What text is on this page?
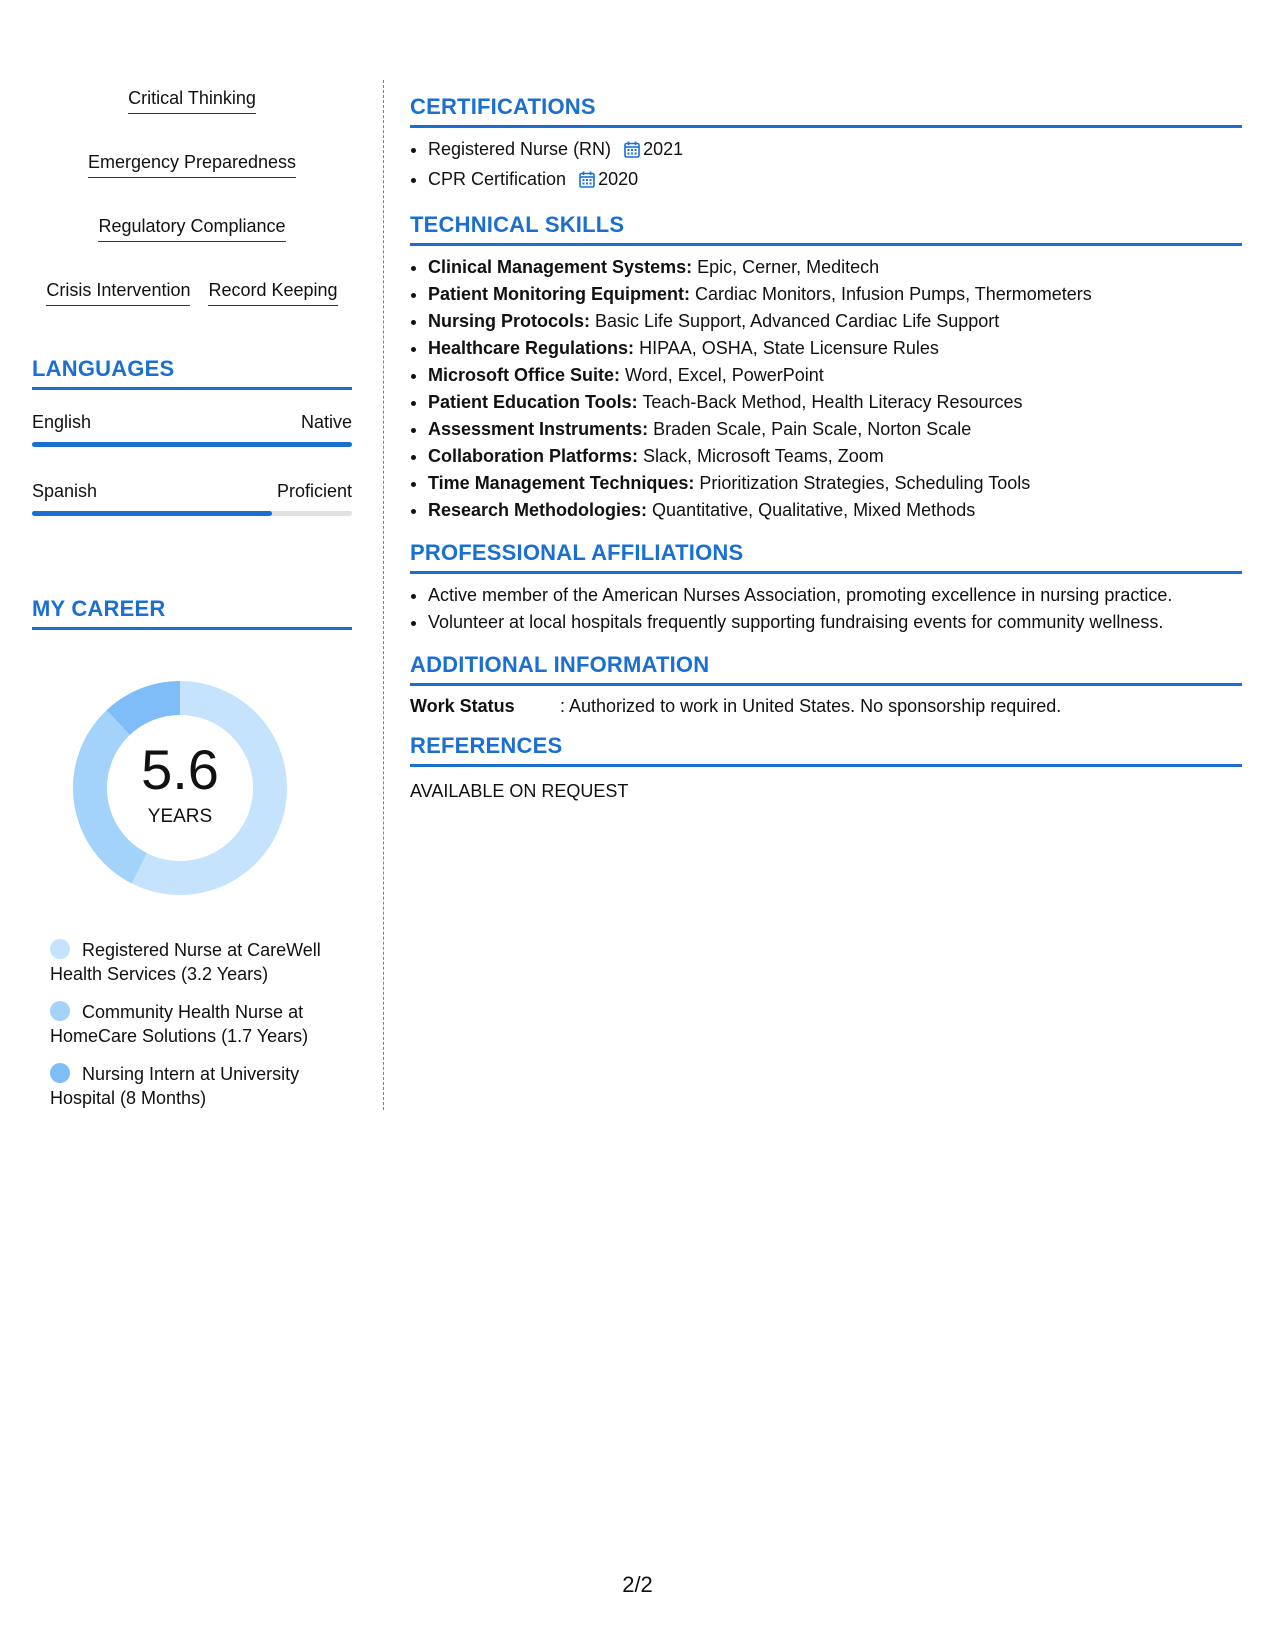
Critical Thinking
Emergency Preparedness
Regulatory Compliance
Crisis Intervention Record Keeping
LANGUAGES
English	Native
Spanish	Proficient
MY CAREER
5.6
YEARS
Registered Nurse at CareWell Health Services (3.2 Years)
Community Health Nurse at HomeCare Solutions (1.7 Years)
Nursing Intern at University Hospital (8 Months)
CERTIFICATIONS
• Registered Nurse (RN) 2021
• CPR Certification 2020
TECHNICAL SKILLS
• Clinical Management Systems: Epic, Cerner, Meditech
• Patient Monitoring Equipment: Cardiac Monitors, Infusion Pumps, Thermometers
• Nursing Protocols: Basic Life Support, Advanced Cardiac Life Support
• Healthcare Regulations: HIPAA, OSHA, State Licensure Rules
• Microsoft Office Suite: Word, Excel, PowerPoint
• Patient Education Tools: Teach-Back Method, Health Literacy Resources
• Assessment Instruments: Braden Scale, Pain Scale, Norton Scale
• Collaboration Platforms: Slack, Microsoft Teams, Zoom
• Time Management Techniques: Prioritization Strategies, Scheduling Tools
• Research Methodologies: Quantitative, Qualitative, Mixed Methods
PROFESSIONAL AFFILIATIONS
• Active member of the American Nurses Association, promoting excellence in nursing practice.
• Volunteer at local hospitals frequently supporting fundraising events for community wellness.
ADDITIONAL INFORMATION
Work Status	: Authorized to work in United States. No sponsorship required.
REFERENCES
AVAILABLE ON REQUEST
2/2
